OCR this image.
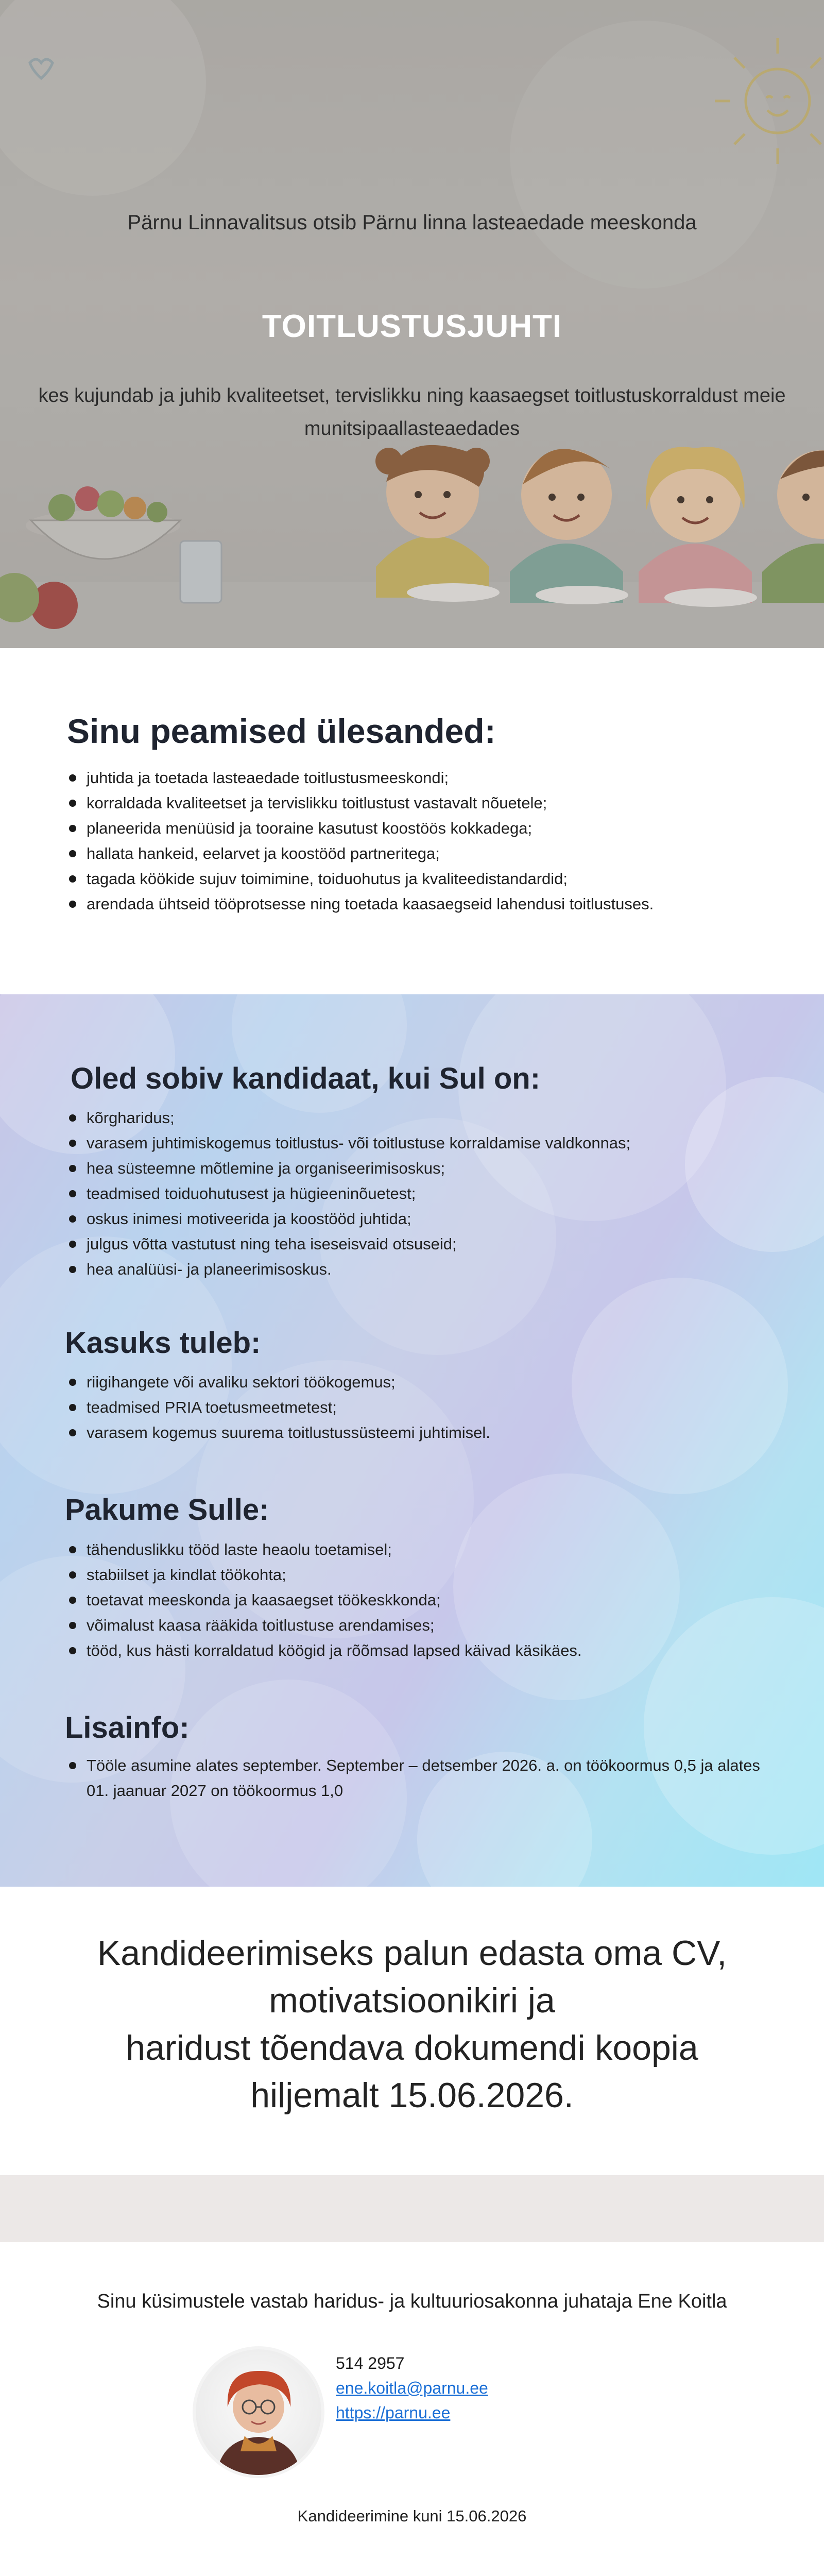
Pärnu Linnavalitsus otsib Pärnu linna lasteaedade meeskonda
TOITLUSTUSJUHTI
kes kujundab ja juhib kvaliteetset, tervislikku ning kaasaegset toitlustuskorraldust meie munitsipaallasteaedades
Sinu peamised ülesanded:
juhtida ja toetada lasteaedade toitlustusmeeskondi;
korraldada kvaliteetset ja tervislikku toitlustust vastavalt nõuetele;
planeerida menüüsid ja tooraine kasutust koostöös kokkadega;
hallata hankeid, eelarvet ja koostööd partneritega;
tagada köökide sujuv toimimine, toiduohutus ja kvaliteedistandardid;
arendada ühtseid tööprotsesse ning toetada kaasaegseid lahendusi toitlustuses.
Oled sobiv kandidaat, kui Sul on:
kõrgharidus;
varasem juhtimiskogemus toitlustus- või toitlustuse korraldamise valdkonnas;
hea süsteemne mõtlemine ja organiseerimisoskus;
teadmised toiduohutusest ja hügieeninõuetest;
oskus inimesi motiveerida ja koostööd juhtida;
julgus võtta vastutust ning teha iseseisvaid otsuseid;
hea analüüsi- ja planeerimisoskus.
Kasuks tuleb:
riigihangete või avaliku sektori töökogemus;
teadmised PRIA toetusmeetmetest;
varasem kogemus suurema toitlustussüsteemi juhtimisel.
Pakume Sulle:
tähenduslikku tööd laste heaolu toetamisel;
stabiilset ja kindlat töökohta;
toetavat meeskonda ja kaasaegset töökeskkonda;
võimalust kaasa rääkida toitlustuse arendamises;
tööd, kus hästi korraldatud köögid ja rõõmsad lapsed käivad käsikäes.
Lisainfo:
Tööle asumine alates september. September – detsember 2026. a. on töökoormus 0,5 ja alates 01. jaanuar 2027 on töökoormus 1,0
Kandideerimiseks palun edasta oma CV,
motivatsioonikiri ja
haridust tõendava dokumendi koopia
hiljemalt 15.06.2026.
Sinu küsimustele vastab haridus- ja kultuuriosakonna juhataja Ene Koitla
514 2957
ene.koitla@parnu.ee
https://parnu.ee
Kandideerimine kuni 15.06.2026
